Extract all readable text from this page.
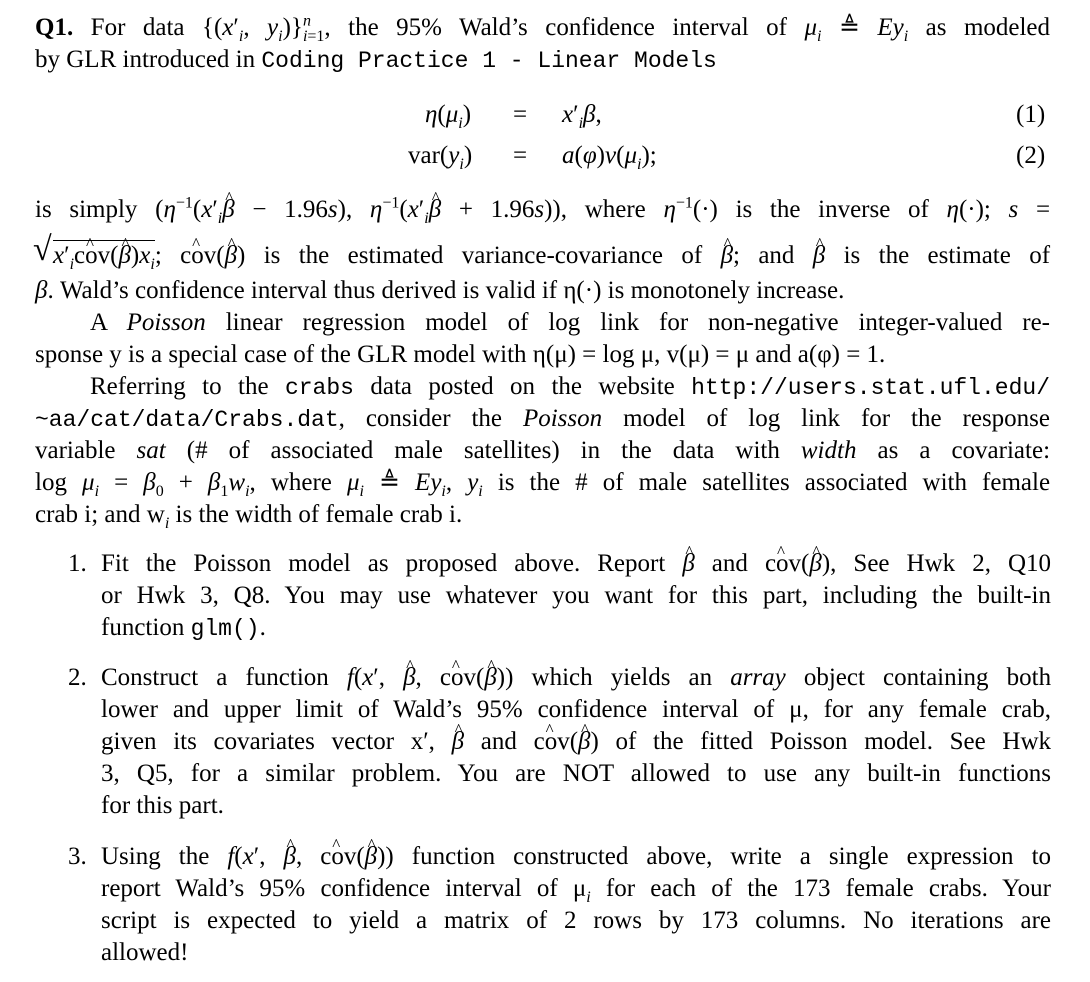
Q1. For data {($x'_i$, $y_i)\}^n_{i=1}$, the 95% Wald’s confidence interval of $\mu_i$ ≜ $Ey_i$ as modeled
by GLR introduced in Coding Practice 1 - Linear Models
$\eta(\mu_i) = x'_i\beta$,	(1)
$var(y_i) = a(\varphi)v(\mu_i)$;	(2)
is simply ($\eta^{-1}(x'_i\^{}$ β − 1.96s), $\eta^{-1}(x'_i\^{}$ β + 1.96s)), where $\eta^{-1}(\cdot)$ is the inverse of η(·); s =
√ $x'_i\^{}$ cov(^ $\beta)x_i$; ^ cov(^ β) is the estimated variance-covariance of ^ β; and ^ β is the estimate of
β. Wald’s confidence interval thus derived is valid if η(·) is monotonely increase.
A Poisson linear regression model of log link for non-negative integer-valued re-
sponse y is a special case of the GLR model with η(μ) = log μ, v(μ) = μ and a(φ) = 1.
Referring to the crabs data posted on the website http://users.stat.ufl.edu/
~aa/cat/data/Crabs.dat, consider the Poisson model of log link for the response
variable sat (# of associated male satellites) in the data with width as a covariate:
$\log \mu_i = \beta_0 + \beta_1w_i$, where $\mu_i$ ≜ $Ey_i$, $y_i$ is the # of male satellites associated with female
crab i; and $w_i$ is the width of female crab i.
1. Fit the Poisson model as proposed above. Report ^ β and ^ cov(^ β), See Hwk 2, Q10
or Hwk 3, Q8. You may use whatever you want for this part, including the built-in
function glm().
2. Construct a function f(x′, ^ β, ^ cov(^ β)) which yields an array object containing both
lower and upper limit of Wald’s 95% confidence interval of μ, for any female crab,
given its covariates vector x′, ^ β and ^ cov(^ β) of the fitted Poisson model. See Hwk
3, Q5, for a similar problem. You are NOT allowed to use any built-in functions
for this part.
3. Using the f(x′, ^ β, ^ cov(^ β)) function constructed above, write a single expression to
report Wald’s 95% confidence interval of $\mu_i$ for each of the 173 female crabs. Your
script is expected to yield a matrix of 2 rows by 173 columns. No iterations are
allowed!
